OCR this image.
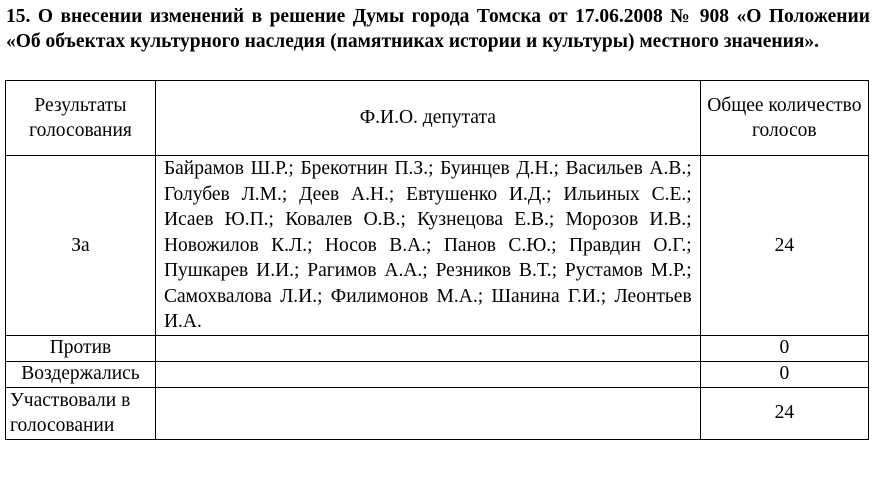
15. О внесении изменений в решение Думы города Томска от 17.06.2008 № 908 «О Положении «Об объектах культурного наследия (памятниках истории и культуры) местного значения».

Результаты голосования	Ф.И.О. депутата	Общее количество голосов
За	Байрамов Ш.Р.; Брекотнин П.З.; Буинцев Д.Н.; Васильев А.В.; Голубев Л.М.; Деев А.Н.; Евтушенко И.Д.; Ильиных С.Е.; Исаев Ю.П.; Ковалев О.В.; Кузнецова Е.В.; Морозов И.В.; Новожилов К.Л.; Носов В.А.; Панов С.Ю.; Правдин О.Г.; Пушкарев И.И.; Рагимов А.А.; Резников В.Т.; Рустамов М.Р.; Самохвалова Л.И.; Филимонов М.А.; Шанина Г.И.; Леонтьев И.А.	24
Против		0
Воздержались		0
Участвовали в голосовании		24
